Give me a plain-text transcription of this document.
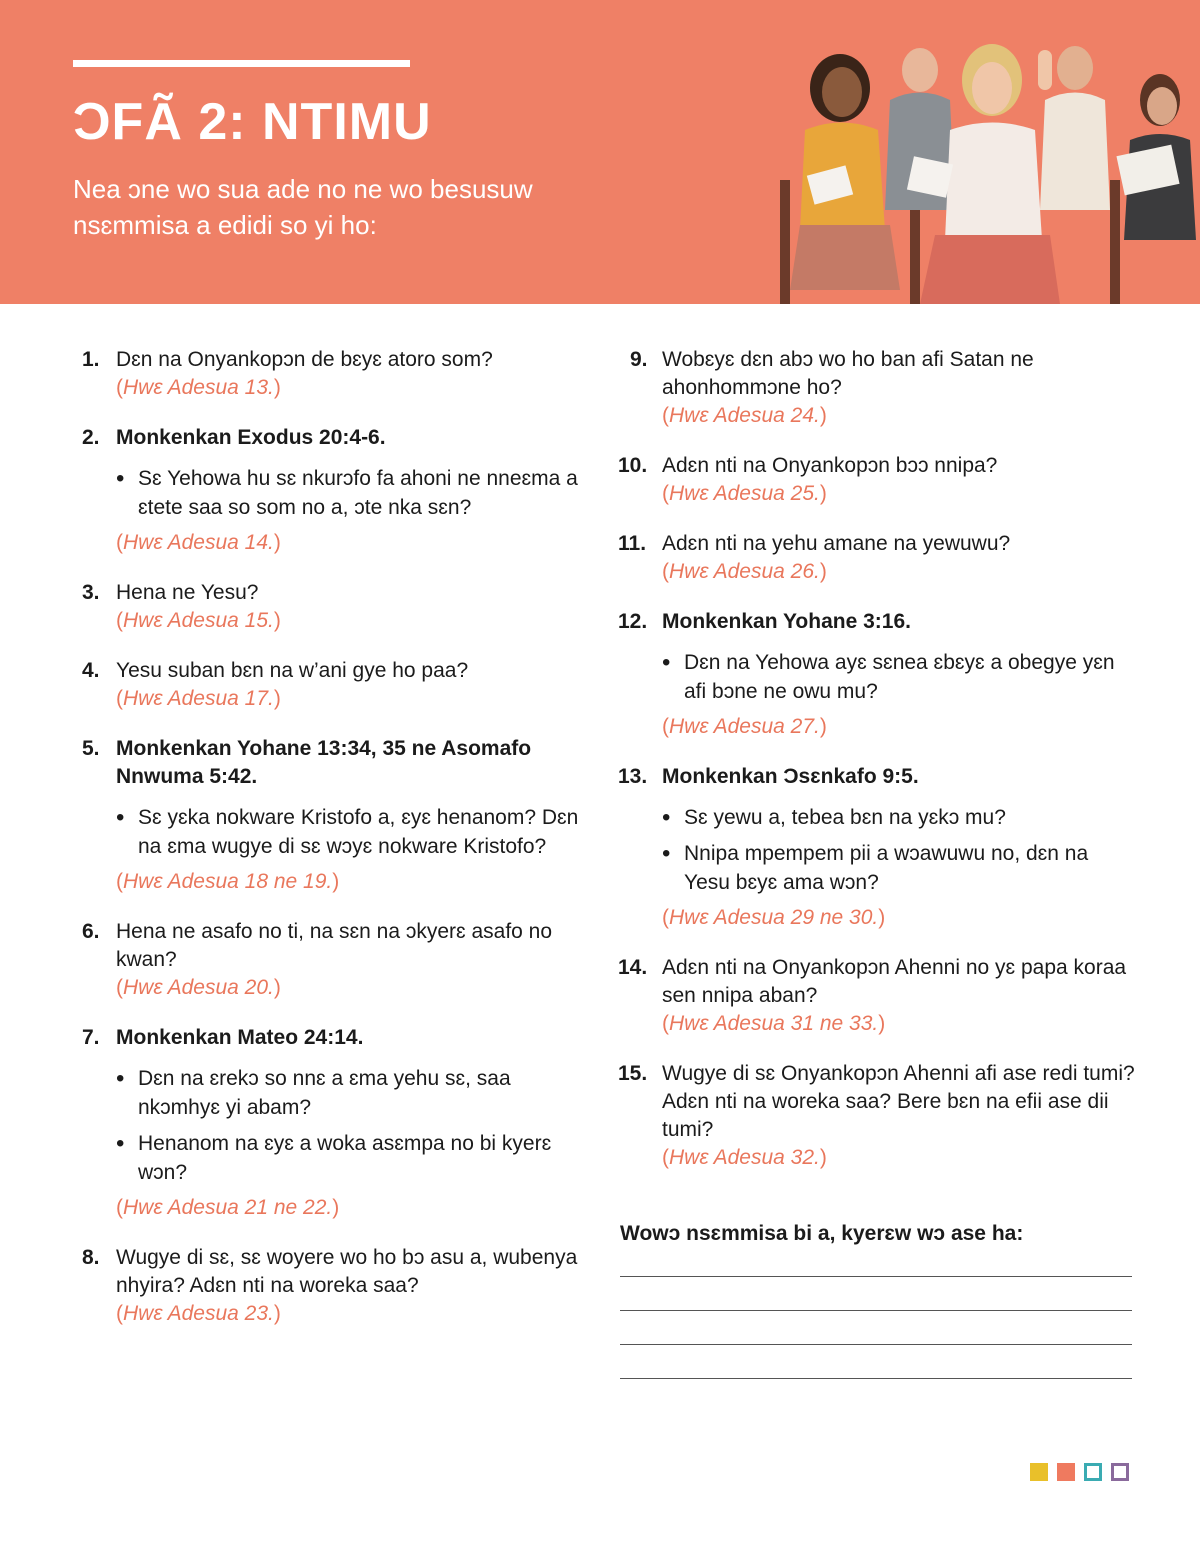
ƆFÃ 2: NTIMU

Nea ɔne wo sua ade no ne wo besusuw nsɛmmisa a edidi so yi ho:

1. Dɛn na Onyankopɔn de bɛyɛ atoro som?
(Hwɛ Adesua 13.)
2. Monkenkan Exodus 20:4-6.
• Sɛ Yehowa hu sɛ nkurɔfo fa ahoni ne nneɛma a ɛtete saa so som no a, ɔte nka sɛn?
(Hwɛ Adesua 14.)
3. Hena ne Yesu?
(Hwɛ Adesua 15.)
4. Yesu suban bɛn na w’ani gye ho paa?
(Hwɛ Adesua 17.)
5. Monkenkan Yohane 13:34, 35 ne Asomafo Nnwuma 5:42.
• Sɛ yɛka nokware Kristofo a, ɛyɛ henanom? Dɛn na ɛma wugye di sɛ wɔyɛ nokware Kristofo?
(Hwɛ Adesua 18 ne 19.)
6. Hena ne asafo no ti, na sɛn na ɔkyerɛ asafo no kwan?
(Hwɛ Adesua 20.)
7. Monkenkan Mateo 24:14.
• Dɛn na ɛrekɔ so nnɛ a ɛma yehu sɛ, saa nkɔmhyɛ yi abam?
• Henanom na ɛyɛ a woka asɛmpa no bi kyerɛ wɔn?
(Hwɛ Adesua 21 ne 22.)
8. Wugye di sɛ, sɛ woyere wo ho bɔ asu a, wubenya nhyira? Adɛn nti na woreka saa?
(Hwɛ Adesua 23.)
9. Wobɛyɛ dɛn abɔ wo ho ban afi Satan ne ahonhommɔne ho?
(Hwɛ Adesua 24.)
10. Adɛn nti na Onyankopɔn bɔɔ nnipa?
(Hwɛ Adesua 25.)
11. Adɛn nti na yehu amane na yewuwu?
(Hwɛ Adesua 26.)
12. Monkenkan Yohane 3:16.
• Dɛn na Yehowa ayɛ sɛnea ɛbɛyɛ a obegye yɛn afi bɔne ne owu mu?
(Hwɛ Adesua 27.)
13. Monkenkan Ɔsɛnkafo 9:5.
• Sɛ yewu a, tebea bɛn na yɛkɔ mu?
• Nnipa mpempem pii a wɔawuwu no, dɛn na Yesu bɛyɛ ama wɔn?
(Hwɛ Adesua 29 ne 30.)
14. Adɛn nti na Onyankopɔn Ahenni no yɛ papa koraa sen nnipa aban?
(Hwɛ Adesua 31 ne 33.)
15. Wugye di sɛ Onyankopɔn Ahenni afi ase redi tumi? Adɛn nti na woreka saa? Bere bɛn na efii ase dii tumi?
(Hwɛ Adesua 32.)

Wowɔ nsɛmmisa bi a, kyerɛw wɔ ase ha:
